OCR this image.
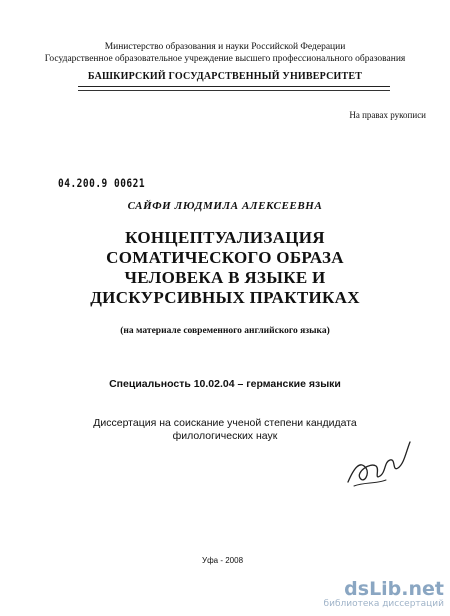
Министерство образования и науки Российской Федерации
Государственное образовательное учреждение высшего профессионального образования
БАШКИРСКИЙ ГОСУДАРСТВЕННЫЙ УНИВЕРСИТЕТ
На правах рукописи
04.200.9 00621
САЙФИ ЛЮДМИЛА АЛЕКСЕЕВНА
КОНЦЕПТУАЛИЗАЦИЯ
СОМАТИЧЕСКОГО ОБРАЗА
ЧЕЛОВЕКА В ЯЗЫКЕ И
ДИСКУРСИВНЫХ ПРАКТИКАХ
(на материале современного английского языка)
Специальность 10.02.04 – германские языки
Диссертация на соискание ученой степени кандидата
филологических наук
Уфа - 2008
dsLib.net
библиотека диссертаций
